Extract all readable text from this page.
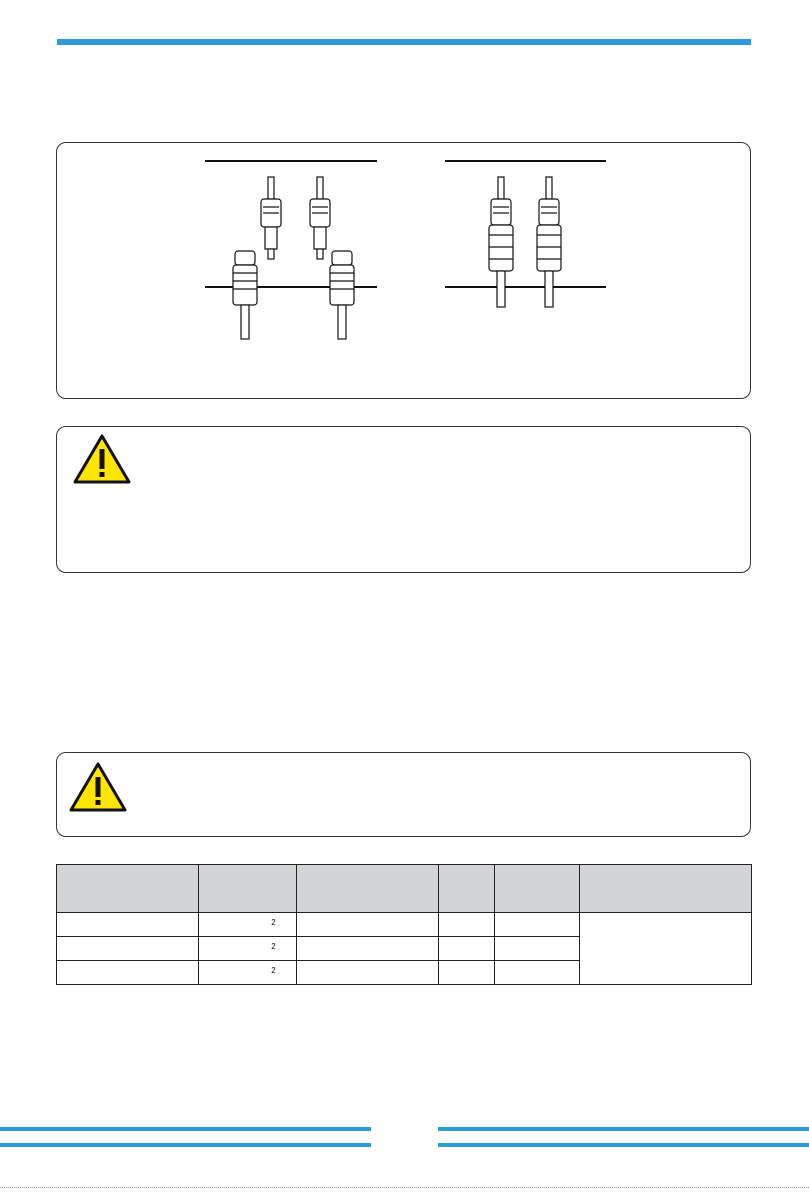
	2				

	2				

	2				
